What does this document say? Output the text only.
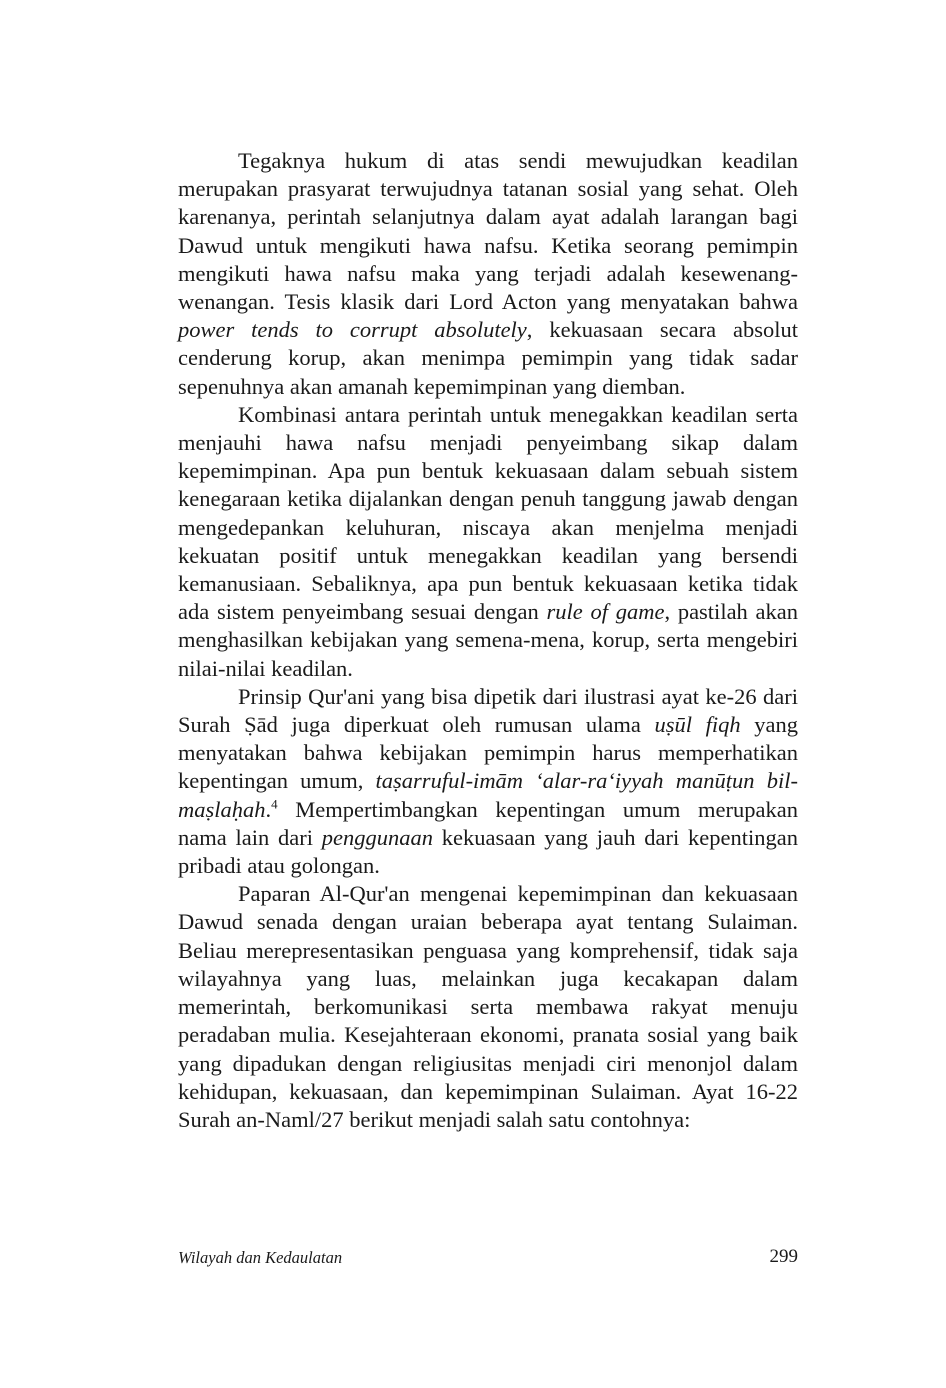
Tegaknya hukum di atas sendi mewujudkan keadilan merupakan prasyarat terwujudnya tatanan sosial yang sehat. Oleh karenanya, perintah selanjutnya dalam ayat adalah larangan bagi Dawud untuk mengikuti hawa nafsu. Ketika seorang pemimpin mengikuti hawa nafsu maka yang terjadi adalah kesewenang-wenangan. Tesis klasik dari Lord Acton yang menyatakan bahwa power tends to corrupt absolutely, kekuasaan secara absolut cenderung korup, akan menimpa pemimpin yang tidak sadar sepenuhnya akan amanah kepemimpinan yang diemban.

Kombinasi antara perintah untuk menegakkan keadilan serta menjauhi hawa nafsu menjadi penyeimbang sikap dalam kepemimpinan. Apa pun bentuk kekuasaan dalam sebuah sistem kenegaraan ketika dijalankan dengan penuh tanggung jawab dengan mengedepankan keluhuran, niscaya akan menjelma menjadi kekuatan positif untuk menegakkan keadilan yang bersendi kemanusiaan. Sebaliknya, apa pun bentuk kekuasaan ketika tidak ada sistem penyeimbang sesuai dengan rule of game, pastilah akan menghasilkan kebijakan yang semena-mena, korup, serta mengebiri nilai-nilai keadilan.

Prinsip Qur'ani yang bisa dipetik dari ilustrasi ayat ke-26 dari Surah Ṣād juga diperkuat oleh rumusan ulama uṣūl fiqh yang menyatakan bahwa kebijakan pemimpin harus memperhatikan kepentingan umum, taṣarruful-imām ‘alar-ra‘iyyah manūṭun bil-maṣlaḥah.$^4$ Mempertimbangkan kepentingan umum merupakan nama lain dari penggunaan kekuasaan yang jauh dari kepentingan pribadi atau golongan.

Paparan Al-Qur'an mengenai kepemimpinan dan kekuasaan Dawud senada dengan uraian beberapa ayat tentang Sulaiman. Beliau merepresentasikan penguasa yang komprehensif, tidak saja wilayahnya yang luas, melainkan juga kecakapan dalam memerintah, berkomunikasi serta membawa rakyat menuju peradaban mulia. Kesejahteraan ekonomi, pranata sosial yang baik yang dipadukan dengan religiusitas menjadi ciri menonjol dalam kehidupan, kekuasaan, dan kepemimpinan Sulaiman. Ayat 16-22 Surah an-Naml/27 berikut menjadi salah satu contohnya:

Wilayah dan Kedaulatan	299
